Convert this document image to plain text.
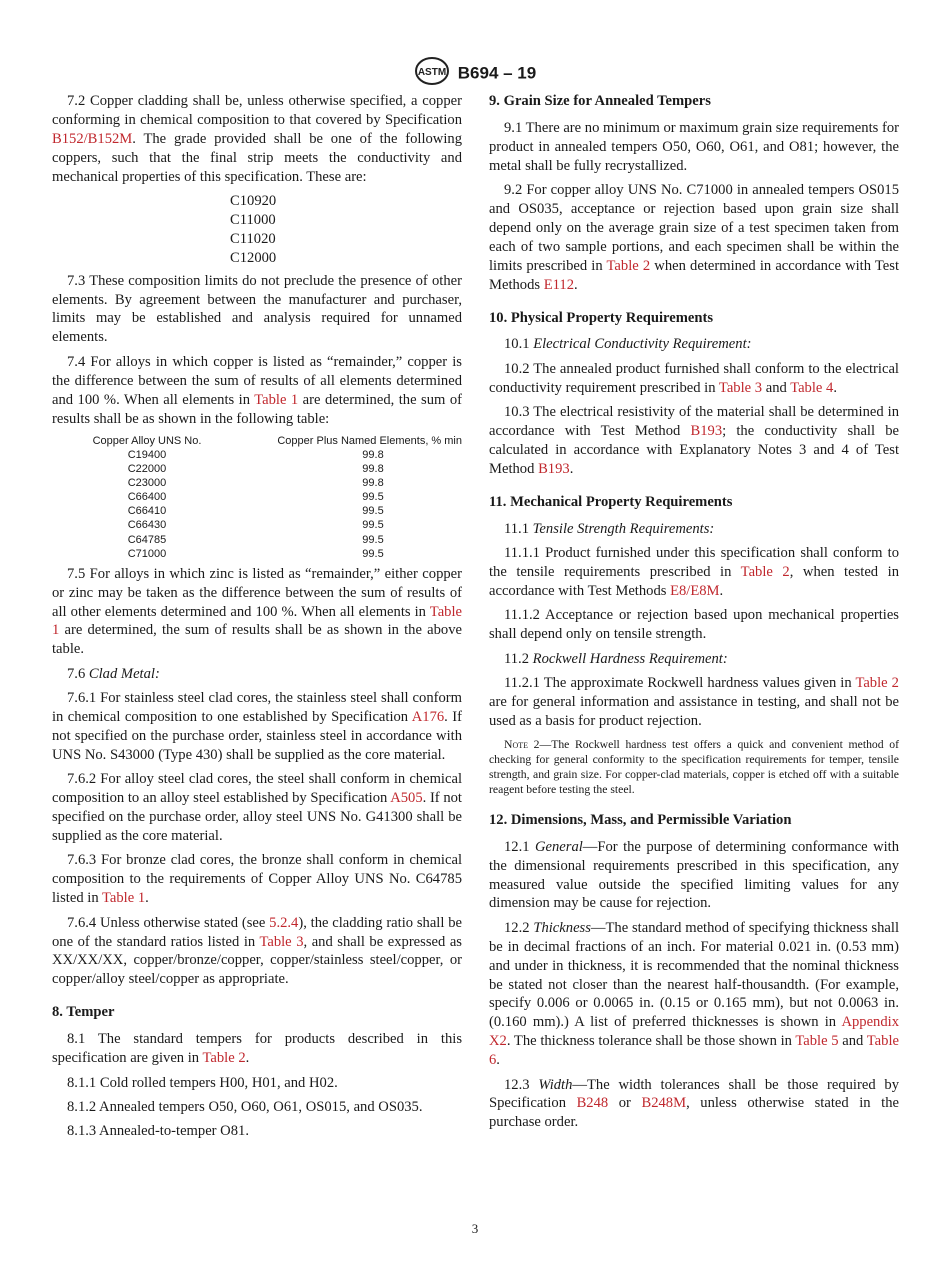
ASTM B694 – 19

7.2 Copper cladding shall be, unless otherwise specified, a copper conforming in chemical composition to that covered by Specification B152/B152M. The grade provided shall be one of the following coppers, such that the final strip meets the conductivity and mechanical properties of this specification. These are:

C10920
C11000
C11020
C12000

7.3 These composition limits do not preclude the presence of other elements. By agreement between the manufacturer and purchaser, limits may be established and analysis required for unnamed elements.

7.4 For alloys in which copper is listed as “remainder,” copper is the difference between the sum of results of all elements determined and 100 %. When all elements in Table 1 are determined, the sum of results shall be as shown in the following table:

Copper Alloy UNS No.	Copper Plus Named Elements, % min
C19400	99.8
C22000	99.8
C23000	99.8
C66400	99.5
C66410	99.5
C66430	99.5
C64785	99.5
C71000	99.5

7.5 For alloys in which zinc is listed as “remainder,” either copper or zinc may be taken as the difference between the sum of results of all other elements determined and 100 %. When all elements in Table 1 are determined, the sum of results shall be as shown in the above table.

7.6 Clad Metal:

7.6.1 For stainless steel clad cores, the stainless steel shall conform in chemical composition to one established by Specification A176. If not specified on the purchase order, stainless steel in accordance with UNS No. S43000 (Type 430) shall be supplied as the core material.

7.6.2 For alloy steel clad cores, the steel shall conform in chemical composition to an alloy steel established by Specification A505. If not specified on the purchase order, alloy steel UNS No. G41300 shall be supplied as the core material.

7.6.3 For bronze clad cores, the bronze shall conform in chemical composition to the requirements of Copper Alloy UNS No. C64785 listed in Table 1.

7.6.4 Unless otherwise stated (see 5.2.4), the cladding ratio shall be one of the standard ratios listed in Table 3, and shall be expressed as XX/XX/XX, copper/bronze/copper, copper/stainless steel/copper, or copper/alloy steel/copper as appropriate.

8. Temper

8.1 The standard tempers for products described in this specification are given in Table 2.

8.1.1 Cold rolled tempers H00, H01, and H02.

8.1.2 Annealed tempers O50, O60, O61, OS015, and OS035.

8.1.3 Annealed-to-temper O81.

9. Grain Size for Annealed Tempers

9.1 There are no minimum or maximum grain size requirements for product in annealed tempers O50, O60, O61, and O81; however, the metal shall be fully recrystallized.

9.2 For copper alloy UNS No. C71000 in annealed tempers OS015 and OS035, acceptance or rejection based upon grain size shall depend only on the average grain size of a test specimen taken from each of two sample portions, and each specimen shall be within the limits prescribed in Table 2 when determined in accordance with Test Methods E112.

10. Physical Property Requirements

10.1 Electrical Conductivity Requirement:

10.2 The annealed product furnished shall conform to the electrical conductivity requirement prescribed in Table 3 and Table 4.

10.3 The electrical resistivity of the material shall be determined in accordance with Test Method B193; the conductivity shall be calculated in accordance with Explanatory Notes 3 and 4 of Test Method B193.

11. Mechanical Property Requirements

11.1 Tensile Strength Requirements:

11.1.1 Product furnished under this specification shall conform to the tensile requirements prescribed in Table 2, when tested in accordance with Test Methods E8/E8M.

11.1.2 Acceptance or rejection based upon mechanical properties shall depend only on tensile strength.

11.2 Rockwell Hardness Requirement:

11.2.1 The approximate Rockwell hardness values given in Table 2 are for general information and assistance in testing, and shall not be used as a basis for product rejection.

Note 2—The Rockwell hardness test offers a quick and convenient method of checking for general conformity to the specification requirements for temper, tensile strength, and grain size. For copper-clad materials, copper is etched off with a suitable reagent before testing the steel.
12. Dimensions, Mass, and Permissible Variation

12.1 General—For the purpose of determining conformance with the dimensional requirements prescribed in this specification, any measured value outside the specified limiting values for any dimension may be cause for rejection.

12.2 Thickness—The standard method of specifying thickness shall be in decimal fractions of an inch. For material 0.021 in. (0.53 mm) and under in thickness, it is recommended that the nominal thickness be stated not closer than the nearest half-thousandth. (For example, specify 0.006 or 0.0065 in. (0.15 or 0.165 mm), but not 0.0063 in. (0.160 mm).) A list of preferred thicknesses is shown in Appendix X2. The thickness tolerance shall be those shown in Table 5 and Table 6.

12.3 Width—The width tolerances shall be those required by Specification B248 or B248M, unless otherwise stated in the purchase order.

3
